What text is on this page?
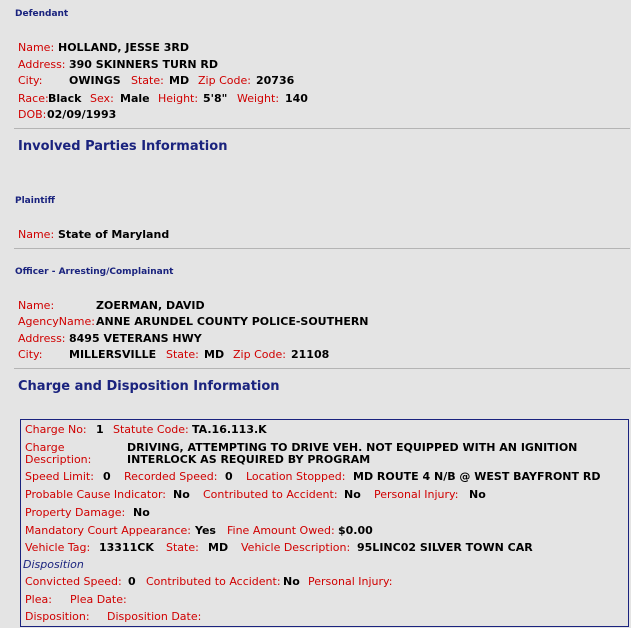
Defendant
Name: HOLLAND, JESSE 3RD
Address: 390 SKINNERS TURN RD
City: OWINGS State: MD Zip Code: 20736
Race: Black Sex: Male Height: 5'8" Weight: 140
DOB: 02/09/1993
Involved Parties Information
Plaintiff
Name: State of Maryland
Officer - Arresting/Complainant
Name:	ZOERMAN, DAVID
AgencyName: ANNE ARUNDEL COUNTY POLICE-SOUTHERN
Address: 8495 VETERANS HWY
City: MILLERSVILLE State: MD Zip Code: 21108
Charge and Disposition Information
Charge No: 1 Statute Code: TA.16.113.K
Charge
Description:
DRIVING, ATTEMPTING TO DRIVE VEH. NOT EQUIPPED WITH AN IGNITION
INTERLOCK AS REQUIRED BY PROGRAM
Speed Limit: 0 Recorded Speed: 0 Location Stopped: MD ROUTE 4 N/B @ WEST BAYFRONT RD
Probable Cause Indicator: No Contributed to Accident: No Personal Injury: No
Property Damage: No
Mandatory Court Appearance: Yes Fine Amount Owed: $0.00
Vehicle Tag: 13311CK State: MD Vehicle Description: 95LINC02 SILVER TOWN CAR
Disposition
Convicted Speed: 0 Contributed to Accident: No Personal Injury:
Plea: Plea Date:
Disposition: Disposition Date:
